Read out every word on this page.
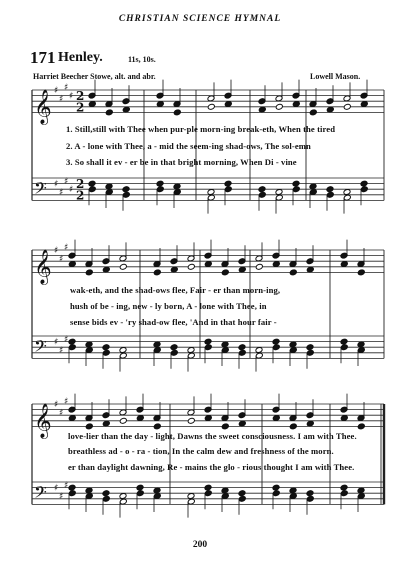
𝄞
𝄢
♯
♯
♯
♯
♯
♯
♯
♯
2
2
2
2
𝄞
𝄢
♯
♯
♯
♯
♯
♯
𝄞
𝄢
♯
♯
♯
♯
♯
♯
CHRISTIAN SCIENCE HYMNAL
171 Henley.	11s, 10s.
Harriet Beecher Stowe, alt. and abr.	Lowell Mason.
1. Still,still with Thee when pur-ple morn-ing break-eth, When the tired
2. A - lone with Thee, a - mid the seem-ing shad-ows, The sol-emn
3. So shall it ev - er be in that bright morning, When Di - vine
wak-eth, and the shad-ows flee, Fair - er than morn-ing,
hush of be - ing, new - ly born, A - lone with Thee, in
sense bids ev - 'ry shad-ow flee, 'And in that hour fair -
love-lier than the day - light, Dawns the sweet consciousness. I am with Thee.
breathless ad - o - ra - tion, In the calm dew and freshness of the morn.
er than daylight dawning, Re - mains the glo - rious thought I am with Thee.
200
